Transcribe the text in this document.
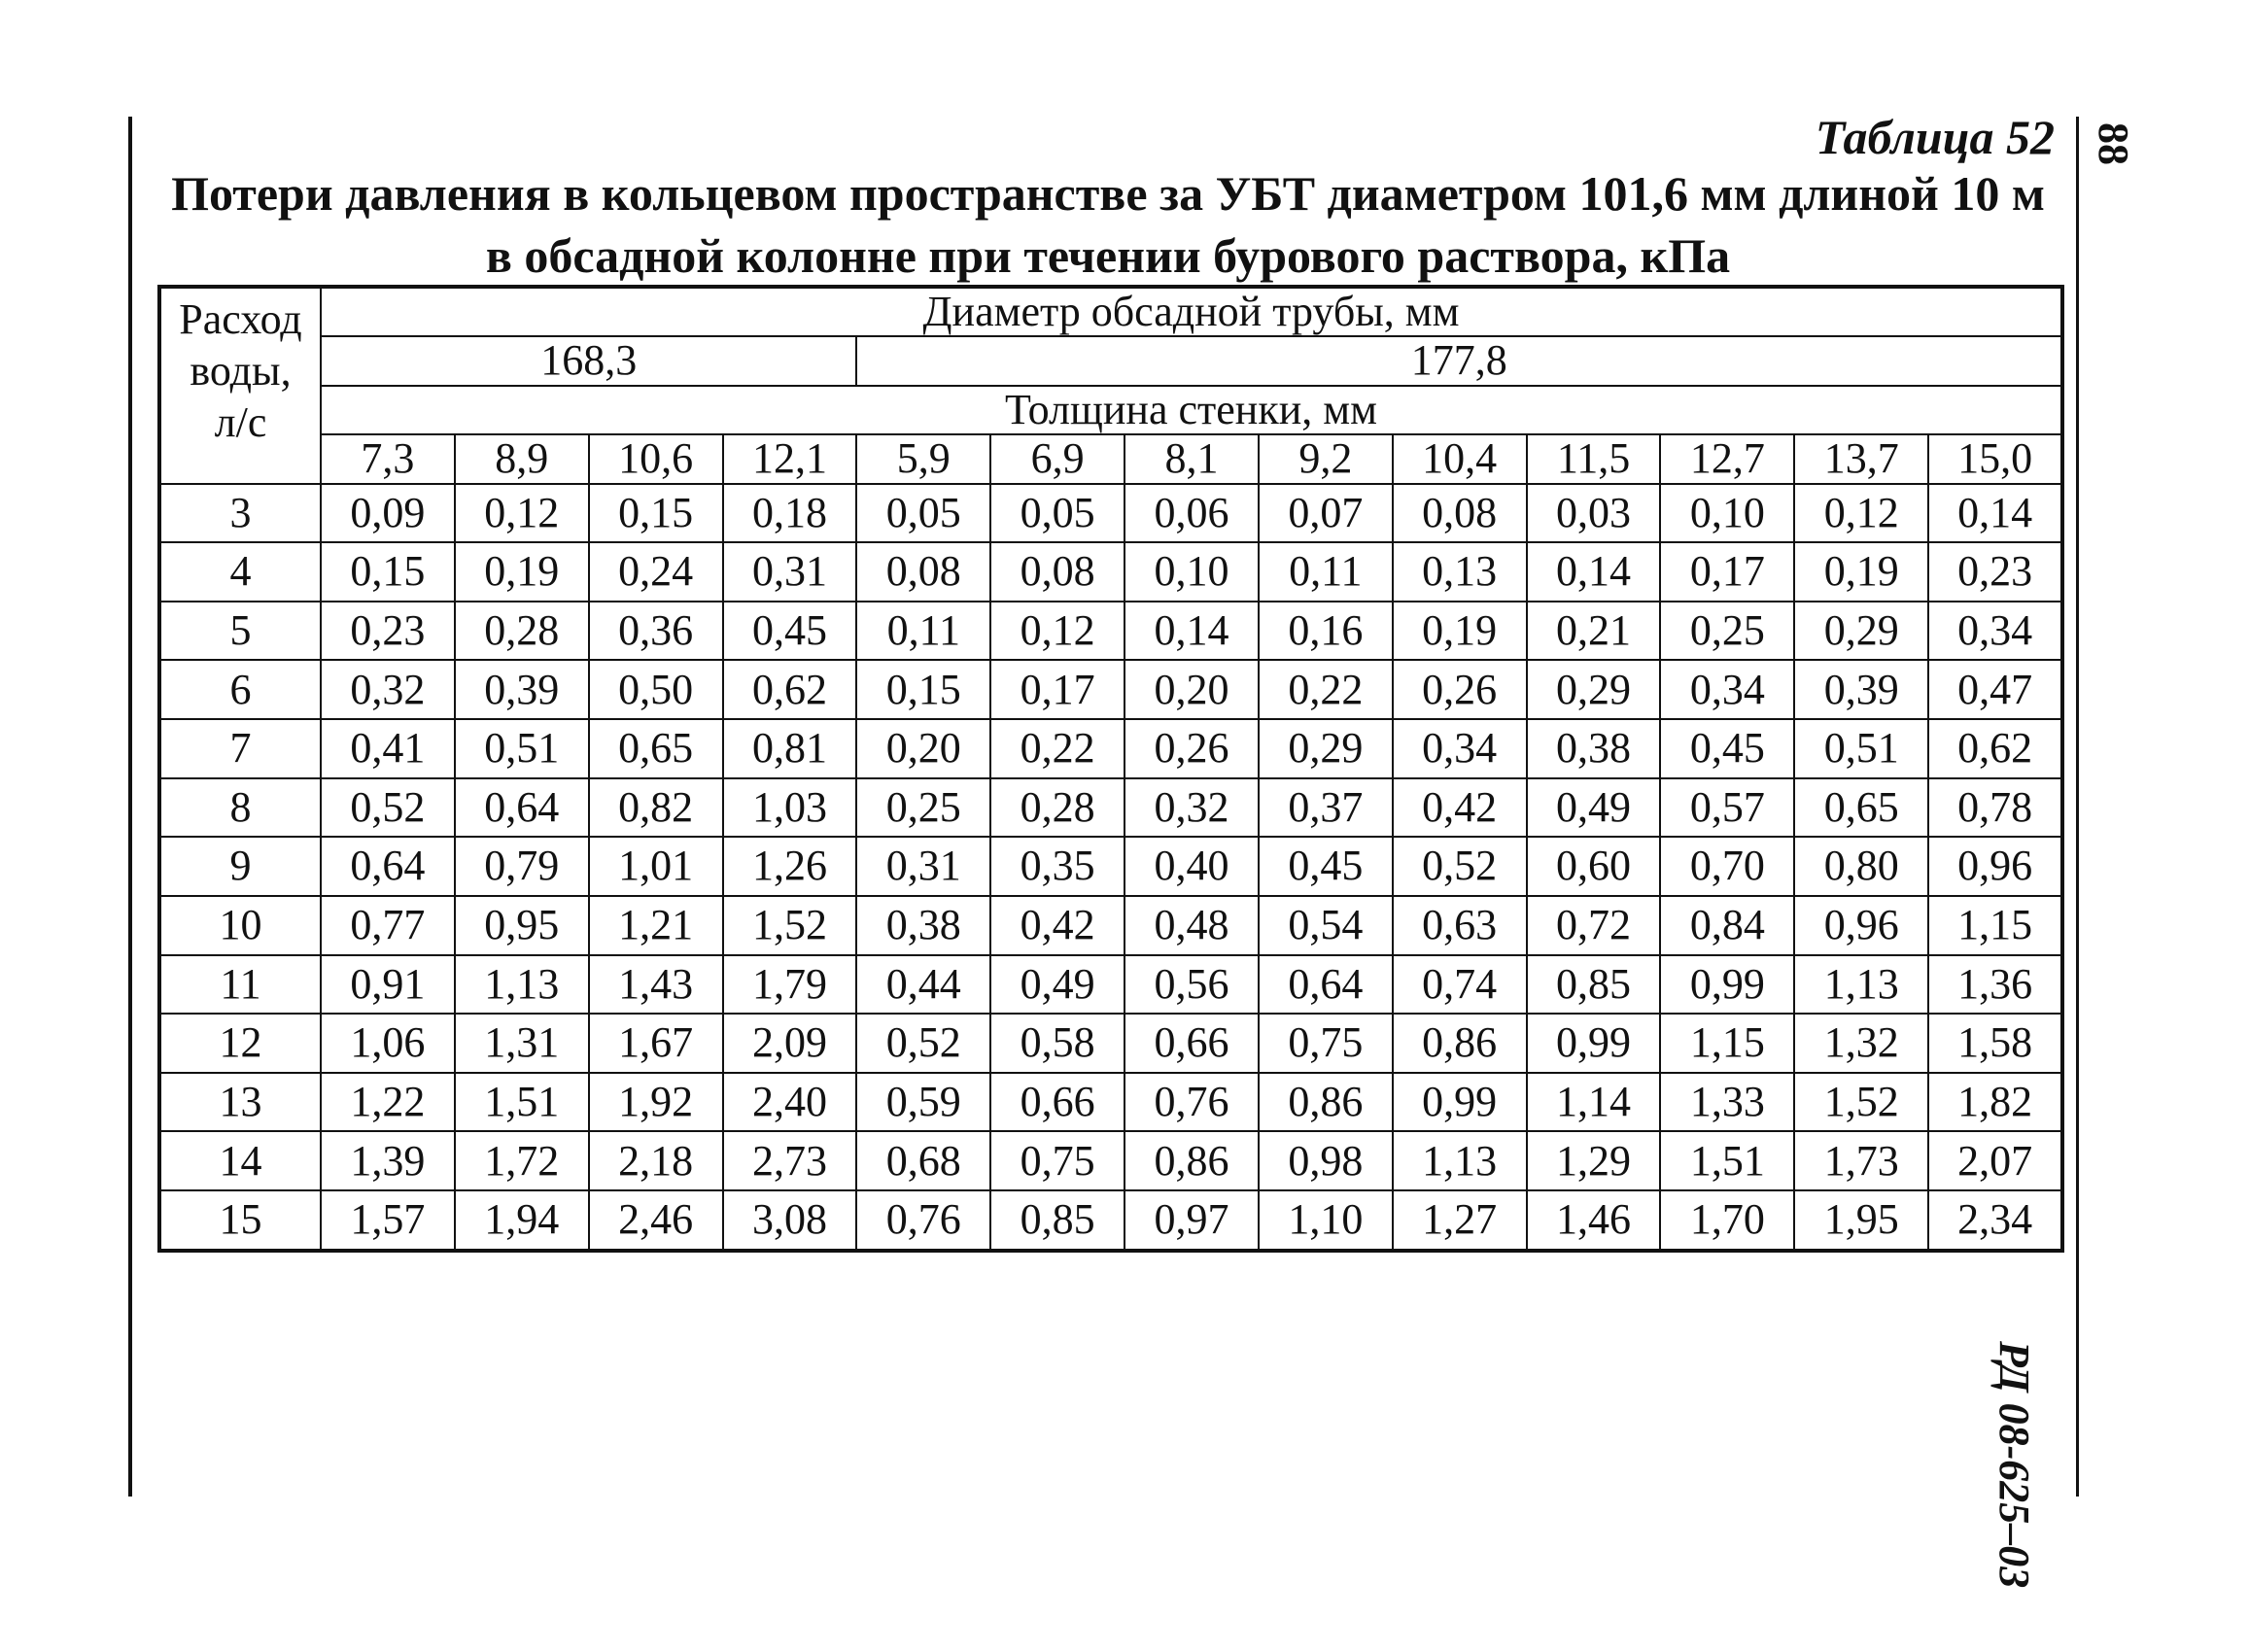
88
РД 08-625–03
Таблица 52
Потери давления в кольцевом пространстве за УБТ диаметром 101,6 мм длиной 10 м
в обсадной колонне при течении бурового раствора, кПа
Расход
воды,
л/с	Диаметр обсадной трубы, мм												
	168,3				177,8								
	Толщина стенки, мм												
	7,3	8,9	10,6	12,1	5,9	6,9	8,1	9,2	10,4	11,5	12,7	13,7	15,0
3	0,09	0,12	0,15	0,18	0,05	0,05	0,06	0,07	0,08	0,03	0,10	0,12	0,14
4	0,15	0,19	0,24	0,31	0,08	0,08	0,10	0,11	0,13	0,14	0,17	0,19	0,23
5	0,23	0,28	0,36	0,45	0,11	0,12	0,14	0,16	0,19	0,21	0,25	0,29	0,34
6	0,32	0,39	0,50	0,62	0,15	0,17	0,20	0,22	0,26	0,29	0,34	0,39	0,47
7	0,41	0,51	0,65	0,81	0,20	0,22	0,26	0,29	0,34	0,38	0,45	0,51	0,62
8	0,52	0,64	0,82	1,03	0,25	0,28	0,32	0,37	0,42	0,49	0,57	0,65	0,78
9	0,64	0,79	1,01	1,26	0,31	0,35	0,40	0,45	0,52	0,60	0,70	0,80	0,96
10	0,77	0,95	1,21	1,52	0,38	0,42	0,48	0,54	0,63	0,72	0,84	0,96	1,15
11	0,91	1,13	1,43	1,79	0,44	0,49	0,56	0,64	0,74	0,85	0,99	1,13	1,36
12	1,06	1,31	1,67	2,09	0,52	0,58	0,66	0,75	0,86	0,99	1,15	1,32	1,58
13	1,22	1,51	1,92	2,40	0,59	0,66	0,76	0,86	0,99	1,14	1,33	1,52	1,82
14	1,39	1,72	2,18	2,73	0,68	0,75	0,86	0,98	1,13	1,29	1,51	1,73	2,07
15	1,57	1,94	2,46	3,08	0,76	0,85	0,97	1,10	1,27	1,46	1,70	1,95	2,34
